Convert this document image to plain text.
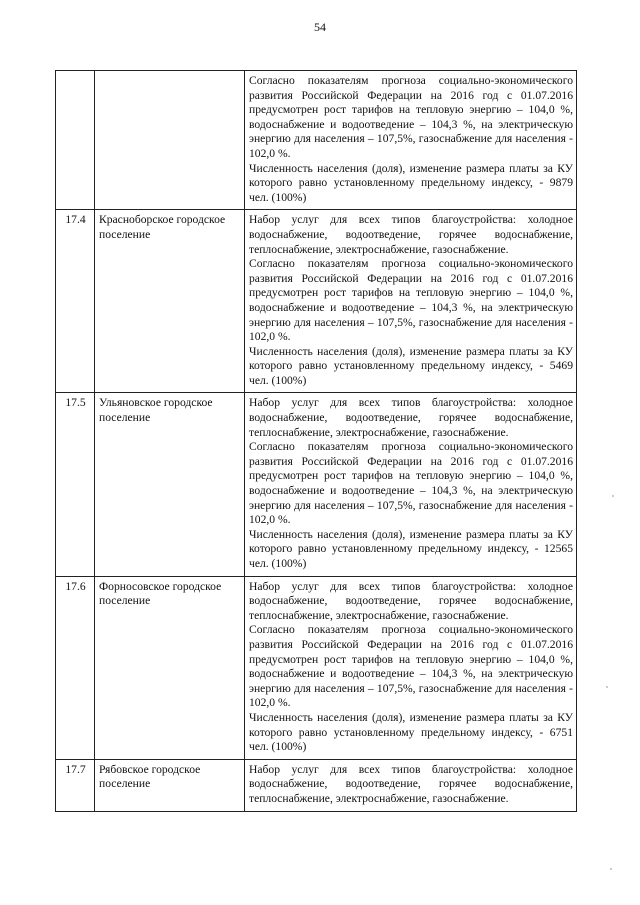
54

		Согласно показателям прогноза социально-экономического развития Российской Федерации на 2016 год с 01.07.2016 предусмотрен рост тарифов на тепловую энергию – 104,0 %, водоснабжение и водоотведение – 104,3 %, на электрическую энергию для населения – 107,5%, газоснабжение для населения - 102,0 %.

Численность населения (доля), изменение размера платы за КУ которого равно установленному предельному индексу, - 9879 чел. (100%)

17.4	Красноборское городское поселение	Набор услуг для всех типов благоустройства: холодное водоснабжение, водоотведение, горячее водоснабжение, теплоснабжение, электроснабжение, газоснабжение.

Согласно показателям прогноза социально-экономического развития Российской Федерации на 2016 год с 01.07.2016 предусмотрен рост тарифов на тепловую энергию – 104,0 %, водоснабжение и водоотведение – 104,3 %, на электрическую энергию для населения – 107,5%, газоснабжение для населения - 102,0 %.

Численность населения (доля), изменение размера платы за КУ которого равно установленному предельному индексу, - 5469 чел. (100%)

17.5	Ульяновское городское поселение	Набор услуг для всех типов благоустройства: холодное водоснабжение, водоотведение, горячее водоснабжение, теплоснабжение, электроснабжение, газоснабжение.

Согласно показателям прогноза социально-экономического развития Российской Федерации на 2016 год с 01.07.2016 предусмотрен рост тарифов на тепловую энергию – 104,0 %, водоснабжение и водоотведение – 104,3 %, на электрическую энергию для населения – 107,5%, газоснабжение для населения - 102,0 %.

Численность населения (доля), изменение размера платы за КУ которого равно установленному предельному индексу, - 12565 чел. (100%)

17.6	Форносовское городское поселение	Набор услуг для всех типов благоустройства: холодное водоснабжение, водоотведение, горячее водоснабжение, теплоснабжение, электроснабжение, газоснабжение.

Согласно показателям прогноза социально-экономического развития Российской Федерации на 2016 год с 01.07.2016 предусмотрен рост тарифов на тепловую энергию – 104,0 %, водоснабжение и водоотведение – 104,3 %, на электрическую энергию для населения – 107,5%, газоснабжение для населения - 102,0 %.

Численность населения (доля), изменение размера платы за КУ которого равно установленному предельному индексу, - 6751 чел. (100%)

17.7	Рябовское городское поселение	Набор услуг для всех типов благоустройства: холодное водоснабжение, водоотведение, горячее водоснабжение, теплоснабжение, электроснабжение, газоснабжение.
